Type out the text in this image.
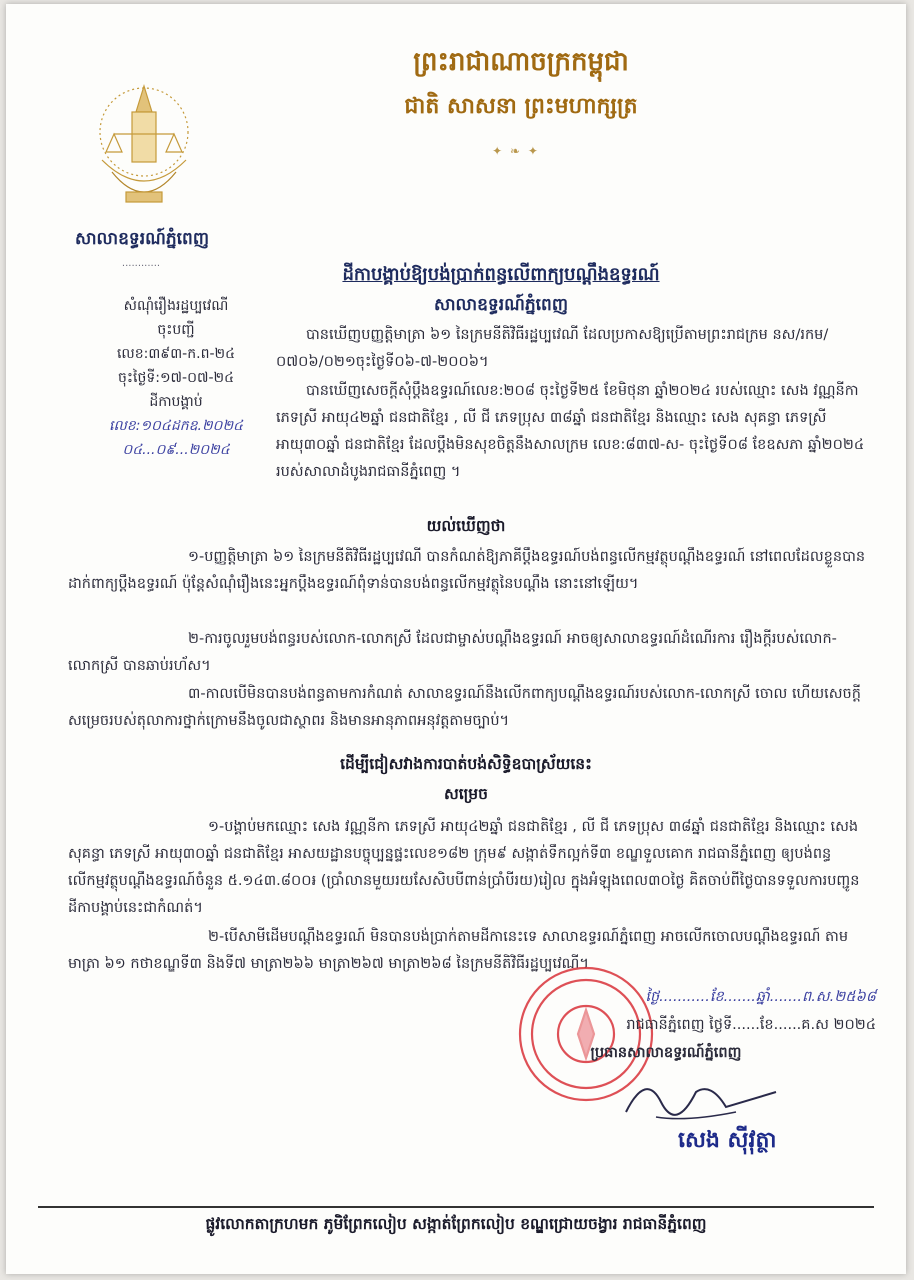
ព្រះរាជាណាចក្រកម្ពុជា
ជាតិ សាសនា ព្រះមហាក្សត្រ
✦ ❧ ✦
សាលាឧទ្ធរណ៍ភ្នំពេញ
............
ដីកាបង្គាប់ឱ្យបង់ប្រាក់ពន្ធលើពាក្យបណ្តឹងឧទ្ធរណ៍
សាលាឧទ្ធរណ៍ភ្នំពេញ
សំណុំរឿងរដ្ឋប្បវេណី
ចុះបញ្ជី
លេខ:៣៩៣-ក.ព-២៤
ចុះថ្ងៃទី:១៧-០៧-២៤
ដីកាបង្គាប់
លេខ:១០៤ដកឧ.២០២៤
០៤...០៩...២០២៤
បានឃើញបញ្ញត្តិមាត្រា ៦១ នៃក្រមនីតិវិធីរដ្ឋប្បវេណី ដែលប្រកាសឱ្យប្រើតាមព្រះរាជក្រម នស/រកម/០៧០៦/០២១ចុះថ្ងៃទី០៦-៧-២០០៦។
បានឃើញសេចក្តីសុំប្តឹងឧទ្ធរណ៍លេខ:២០៨ ចុះថ្ងៃទី២៥ ខែមិថុនា ឆ្នាំ២០២៤ របស់ឈ្មោះ សេង វណ្ណនីកា ភេទស្រី អាយុ៤២ឆ្នាំ ជនជាតិខ្មែរ , លី ជី ភេទប្រុស ៣៨ឆ្នាំ ជនជាតិខ្មែរ និងឈ្មោះ សេង សុគន្ធា ភេទស្រី អាយុ៣០ឆ្នាំ ជនជាតិខ្មែរ ដែលប្តឹងមិនសុខចិត្តនឹងសាលក្រម លេខ:៨៣៧-ស- ចុះថ្ងៃទី០៨ ខែឧសភា ឆ្នាំ២០២៤ របស់សាលាដំបូងរាជធានីភ្នំពេញ ។
យល់ឃើញថា
១-បញ្ញត្តិមាត្រា ៦១ នៃក្រមនីតិវិធីរដ្ឋប្បវេណី បានកំណត់ឱ្យភាគីប្តឹងឧទ្ធរណ៍បង់ពន្ធលើកម្មវត្ថុបណ្តឹងឧទ្ធរណ៍ នៅពេលដែលខ្លួនបានដាក់ពាក្យប្តឹងឧទ្ធរណ៍ ប៉ុន្តែសំណុំរឿងនេះអ្នកប្តឹងឧទ្ធរណ៍ពុំទាន់បានបង់ពន្ធលើកម្មវត្ថុនៃបណ្តឹង នោះនៅឡើយ។
២-ការចូលរួមបង់ពន្ធរបស់លោក-លោកស្រី ដែលជាម្ចាស់បណ្តឹងឧទ្ធរណ៍ អាចឲ្យសាលាឧទ្ធរណ៍ដំណើរការ រឿងក្តីរបស់លោក-លោកស្រី បានឆាប់រហ័ស។
៣-កាលបើមិនបានបង់ពន្ធតាមការកំណត់ សាលាឧទ្ធរណ៍នឹងលើកពាក្យបណ្តឹងឧទ្ធរណ៍របស់លោក-លោកស្រី ចោល ហើយសេចក្តីសម្រេចរបស់តុលាការថ្នាក់ក្រោមនឹងចូលជាស្ថាពរ និងមានអានុភាពអនុវត្តតាមច្បាប់។
ដើម្បីជៀសវាងការបាត់បង់សិទ្ធិឧបាស្រ័យនេះ
សម្រេច
១-បង្គាប់មកឈ្មោះ សេង វណ្ណនីកា ភេទស្រី អាយុ៤២ឆ្នាំ ជនជាតិខ្មែរ , លី ជី ភេទប្រុស ៣៨ឆ្នាំ ជនជាតិខ្មែរ និងឈ្មោះ សេង សុគន្ធា ភេទស្រី អាយុ៣០ឆ្នាំ ជនជាតិខ្មែរ អាសយដ្ឋានបច្ចុប្បន្នផ្ទះលេខ១៨២ ក្រុម៩ សង្កាត់ទឹកល្អក់ទី៣ ខណ្ឌទួលគោក រាជធានីភ្នំពេញ ឲ្យបង់ពន្ធលើកម្មវត្ថុបណ្តឹងឧទ្ធរណ៍ចំនួន ៥.១៤៣.៨០០៛ (ប្រាំលានមួយរយសែសិបបីពាន់ប្រាំបីរយ)រៀល ក្នុងអំឡុងពេល៣០ថ្ងៃ គិតចាប់ពីថ្ងៃបានទទួលការបញ្ជូនដីកាបង្គាប់នេះជាកំណត់។
២-បើសាមីដើមបណ្តឹងឧទ្ធរណ៍ មិនបានបង់ប្រាក់តាមដីកានេះទេ សាលាឧទ្ធរណ៍ភ្នំពេញ អាចលើកចោលបណ្តឹងឧទ្ធរណ៍ តាមមាត្រា ៦១ កថាខណ្ឌទី៣ និងទី៧ មាត្រា២៦៦ មាត្រា២៦៧ មាត្រា២៦៨ នៃក្រមនីតិវិធីរដ្ឋប្បវេណី។
ថ្ងៃ...........ខែ.......ឆ្នាំ.......ព.ស.២៥៦៨
រាជធានីភ្នំពេញ ថ្ងៃទី......ខែ......គ.ស ២០២៤
ប្រធានសាលាឧទ្ធរណ៍ភ្នំពេញ
សេង ស៊ីវុត្ថា
ផ្លូវលោកតាក្រហមក ភូមិព្រែកលៀប សង្កាត់ព្រែកលៀប ខណ្ឌជ្រោយចង្វារ រាជធានីភ្នំពេញ
